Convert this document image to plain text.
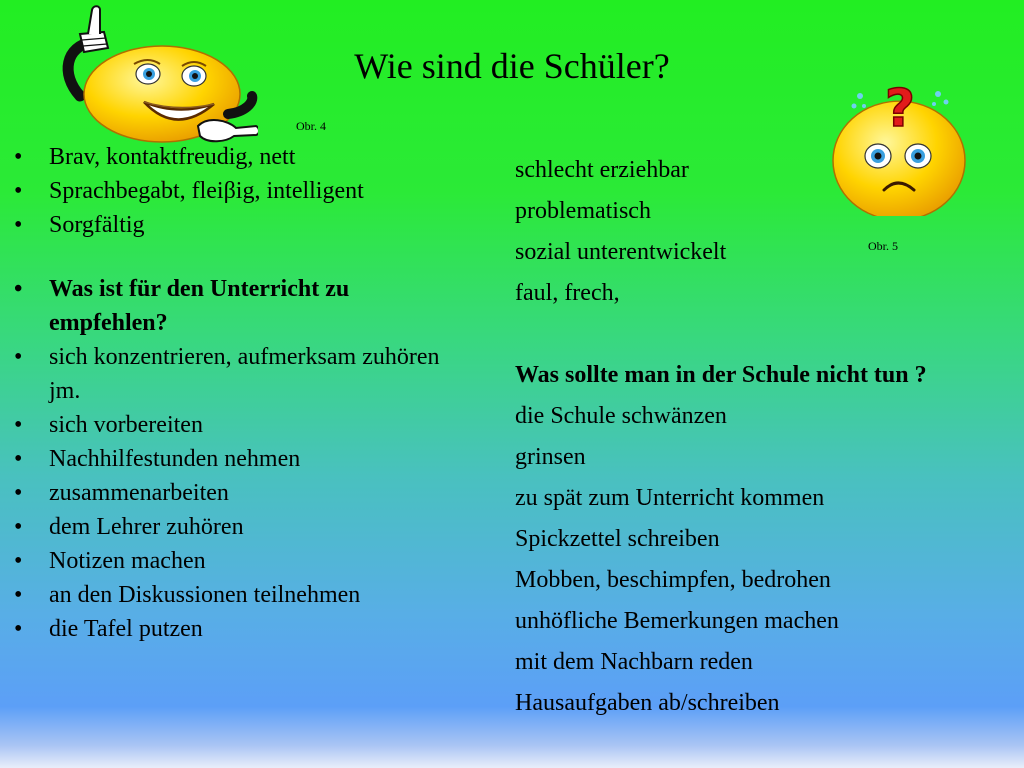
Wie sind die Schüler?
Obr. 4	?
Obr. 5
• Brav, kontaktfreudig, nett
• Sprachbegabt, fleiβig, intelligent
• Sorgfältig
• Was ist für den Unterricht zu empfehlen?
• sich konzentrieren, aufmerksam zuhören jm.
• sich vorbereiten
• Nachhilfestunden nehmen
• zusammenarbeiten
• dem Lehrer zuhören
• Notizen machen
• an den Diskussionen teilnehmen
• die Tafel putzen
schlecht erziehbar
problematisch
sozial unterentwickelt
faul, frech,
Was sollte man in der Schule nicht tun ?
die Schule schwänzen
grinsen
zu spät zum Unterricht kommen
Spickzettel schreiben
Mobben, beschimpfen, bedrohen
unhöfliche Bemerkungen machen
mit dem Nachbarn reden
Hausaufgaben ab/schreiben
